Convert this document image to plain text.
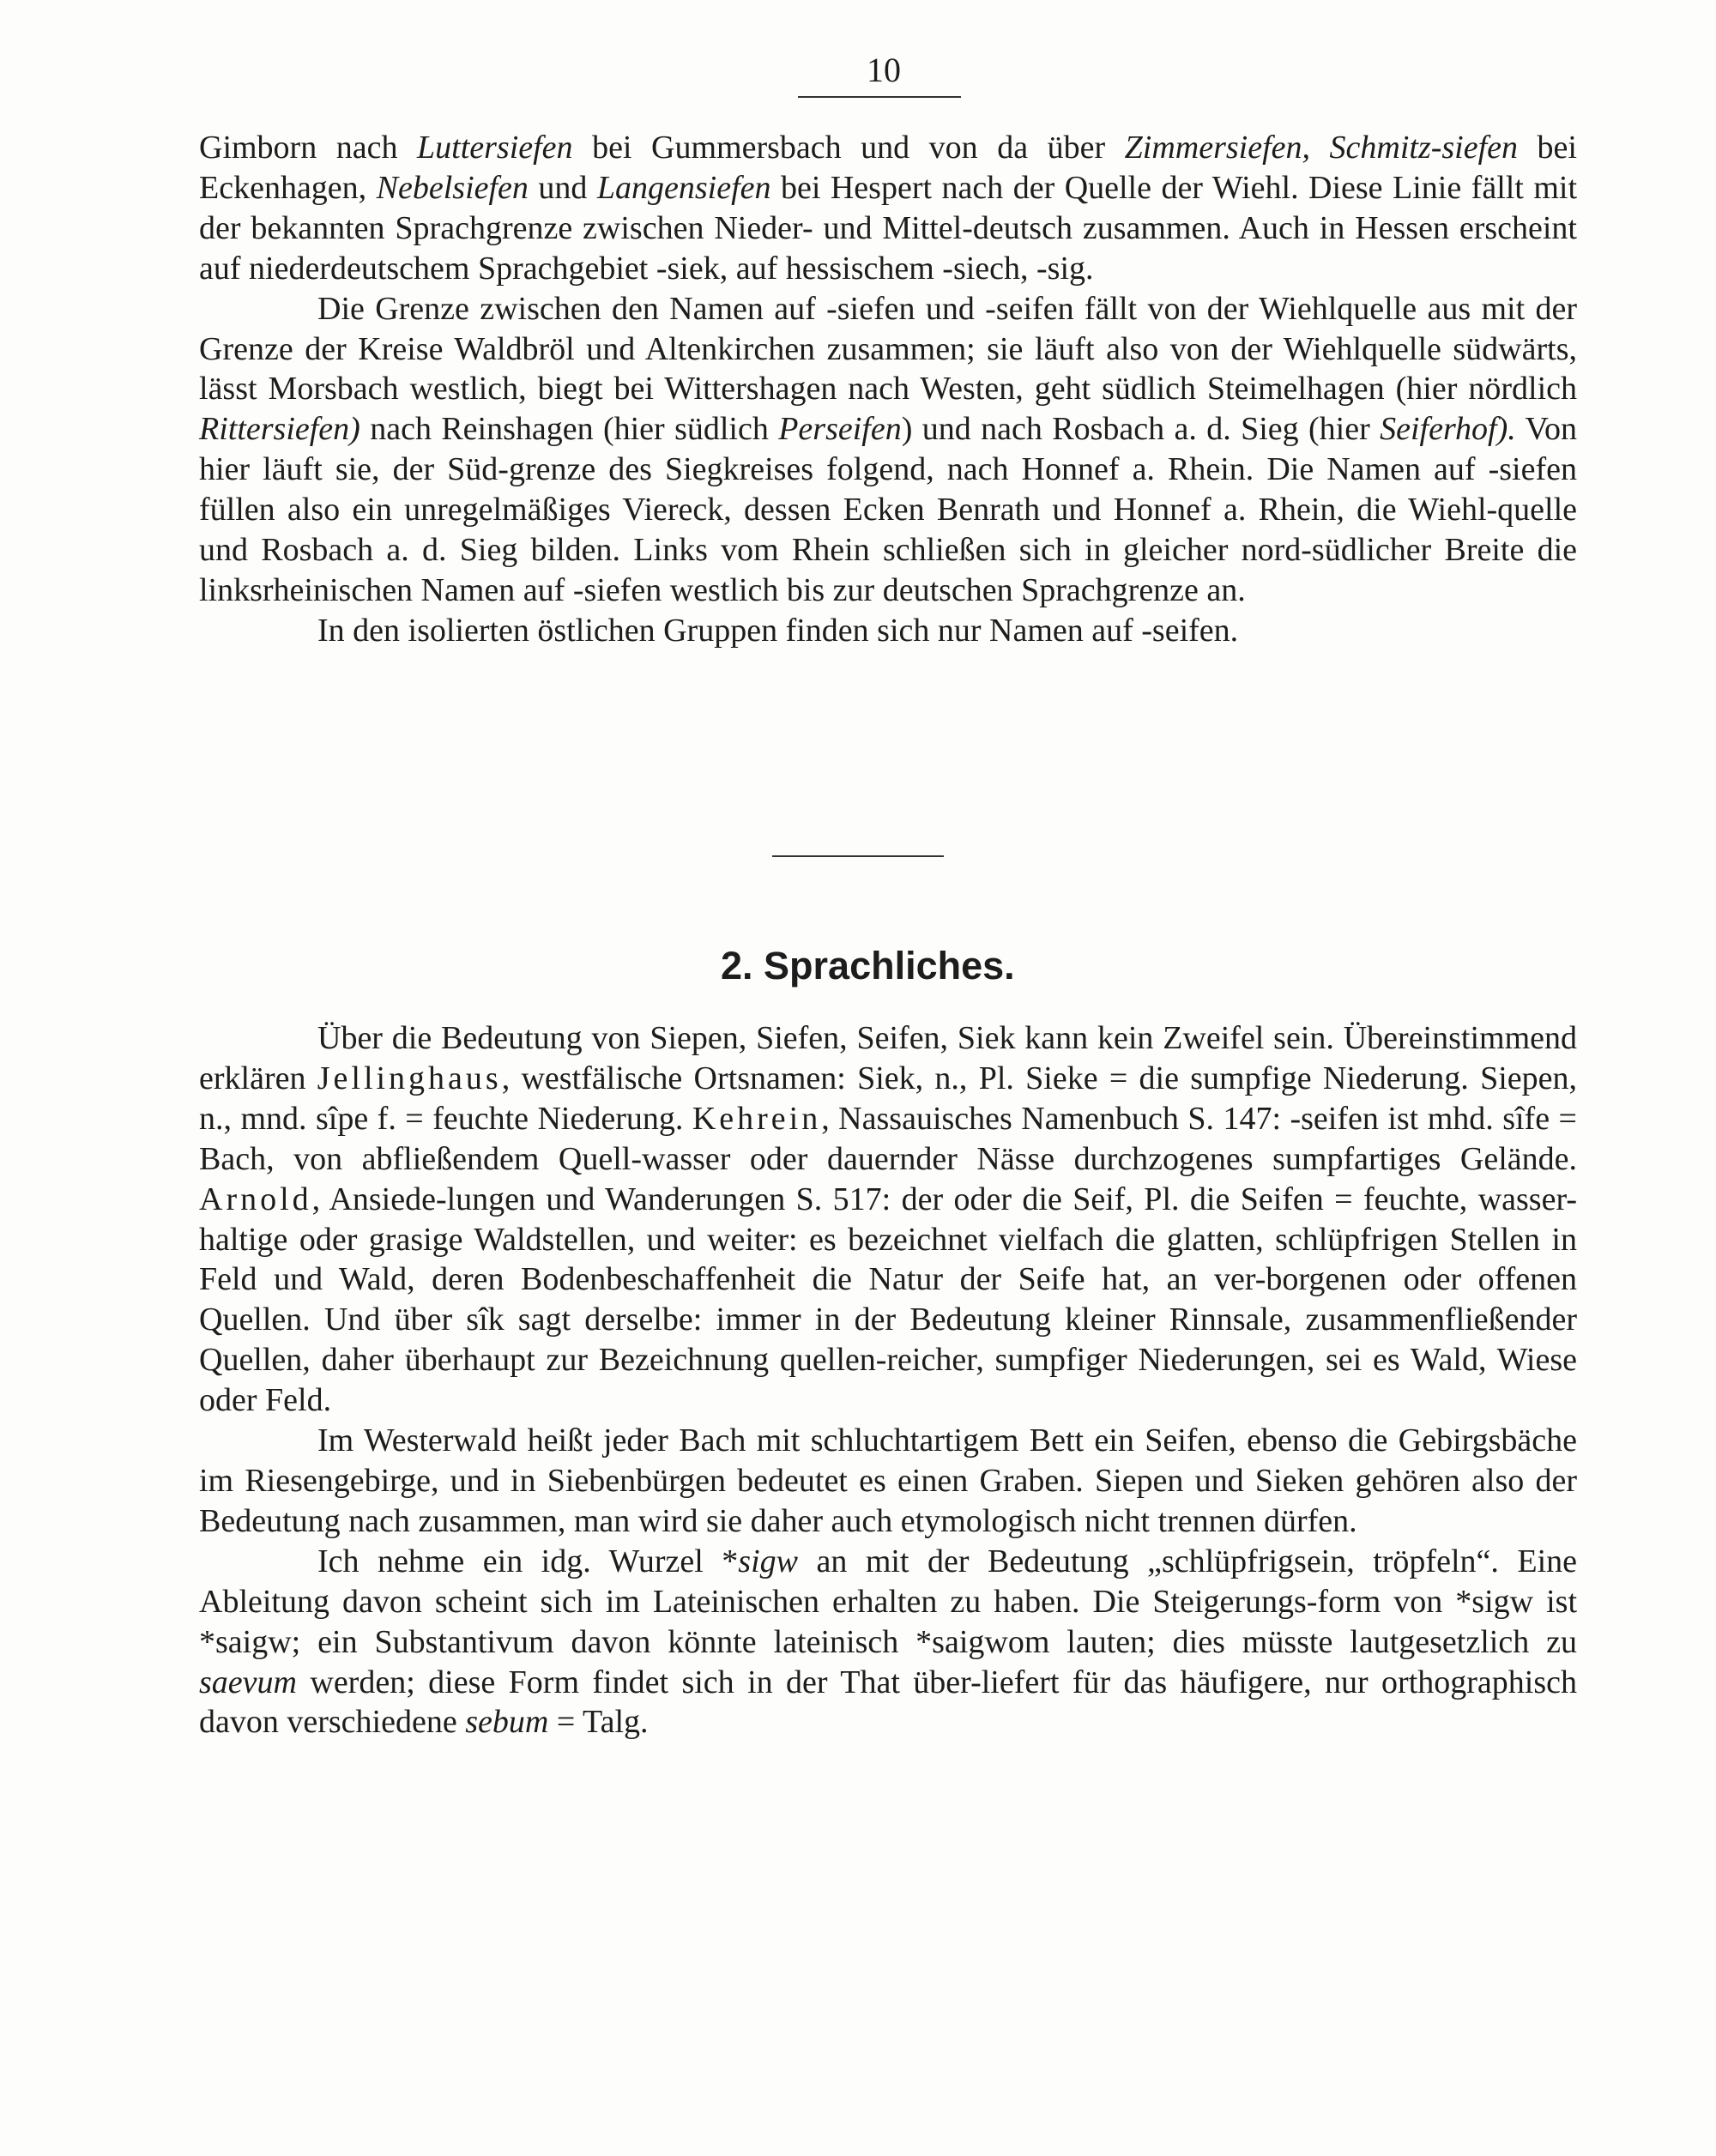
10

Gimborn nach Luttersiefen bei Gummersbach und von da über Zimmersiefen, Schmitz-siefen bei Eckenhagen, Nebelsiefen und Langensiefen bei Hespert nach der Quelle der Wiehl. Diese Linie fällt mit der bekannten Sprachgrenze zwischen Nieder- und Mittel-deutsch zusammen. Auch in Hessen erscheint auf niederdeutschem Sprachgebiet -siek, auf hessischem -siech, -sig.

Die Grenze zwischen den Namen auf -siefen und -seifen fällt von der Wiehlquelle aus mit der Grenze der Kreise Waldbröl und Altenkirchen zusammen; sie läuft also von der Wiehlquelle südwärts, lässt Morsbach westlich, biegt bei Wittershagen nach Westen, geht südlich Steimelhagen (hier nördlich Rittersiefen) nach Reinshagen (hier südlich Perseifen) und nach Rosbach a. d. Sieg (hier Seiferhof). Von hier läuft sie, der Süd-grenze des Siegkreises folgend, nach Honnef a. Rhein. Die Namen auf -siefen füllen also ein unregelmäßiges Viereck, dessen Ecken Benrath und Honnef a. Rhein, die Wiehl-quelle und Rosbach a. d. Sieg bilden. Links vom Rhein schließen sich in gleicher nord-südlicher Breite die linksrheinischen Namen auf -siefen westlich bis zur deutschen Sprachgrenze an.

In den isolierten östlichen Gruppen finden sich nur Namen auf -seifen.

2. Sprachliches.

Über die Bedeutung von Siepen, Siefen, Seifen, Siek kann kein Zweifel sein. Übereinstimmend erklären Jellinghaus, westfälische Ortsnamen: Siek, n., Pl. Sieke = die sumpfige Niederung. Siepen, n., mnd. sîpe f. = feuchte Niederung. Kehrein, Nassauisches Namenbuch S. 147: -seifen ist mhd. sîfe = Bach, von abfließendem Quell-wasser oder dauernder Nässe durchzogenes sumpfartiges Gelände. Arnold, Ansiede-lungen und Wanderungen S. 517: der oder die Seif, Pl. die Seifen = feuchte, wasser-haltige oder grasige Waldstellen, und weiter: es bezeichnet vielfach die glatten, schlüpfrigen Stellen in Feld und Wald, deren Bodenbeschaffenheit die Natur der Seife hat, an ver-borgenen oder offenen Quellen. Und über sîk sagt derselbe: immer in der Bedeutung kleiner Rinnsale, zusammenfließender Quellen, daher überhaupt zur Bezeichnung quellen-reicher, sumpfiger Niederungen, sei es Wald, Wiese oder Feld.

Im Westerwald heißt jeder Bach mit schluchtartigem Bett ein Seifen, ebenso die Gebirgsbäche im Riesengebirge, und in Siebenbürgen bedeutet es einen Graben. Siepen und Sieken gehören also der Bedeutung nach zusammen, man wird sie daher auch etymologisch nicht trennen dürfen.

Ich nehme ein idg. Wurzel *sigw an mit der Bedeutung „schlüpfrigsein, tröpfeln“. Eine Ableitung davon scheint sich im Lateinischen erhalten zu haben. Die Steigerungs-form von *sigw ist *saigw; ein Substantivum davon könnte lateinisch *saigwom lauten; dies müsste lautgesetzlich zu saevum werden; diese Form findet sich in der That über-liefert für das häufigere, nur orthographisch davon verschiedene sebum = Talg.
